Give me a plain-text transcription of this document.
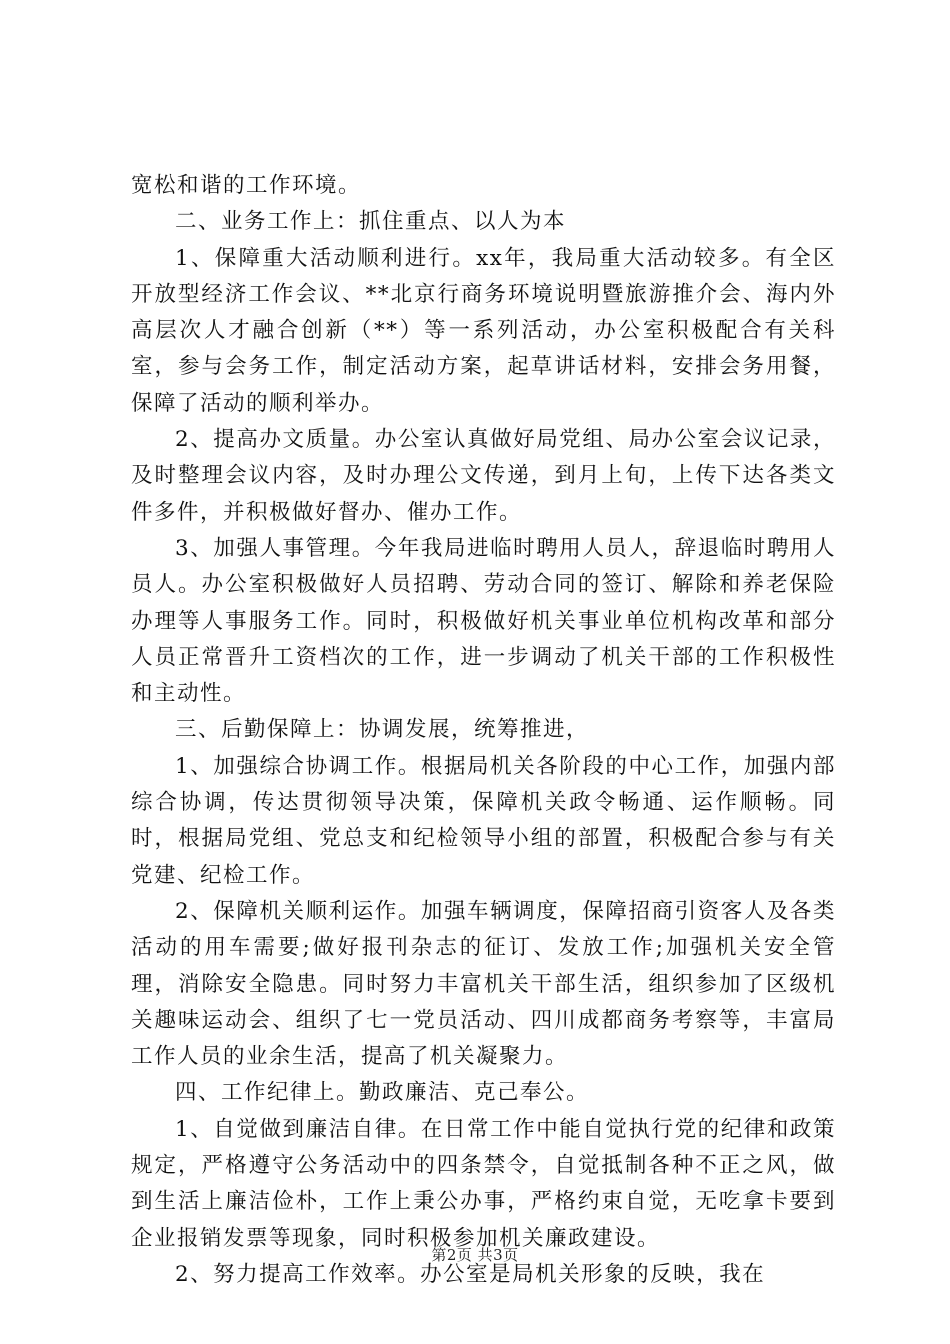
宽松和谐的工作环境。

二、业务工作上：抓住重点、以人为本

1、保障重大活动顺利进行。xx年，我局重大活动较多。有全区开放型经济工作会议、**北京行商务环境说明暨旅游推介会、海内外高层次人才融合创新（**）等一系列活动，办公室积极配合有关科室，参与会务工作，制定活动方案，起草讲话材料，安排会务用餐，保障了活动的顺利举办。

2、提高办文质量。办公室认真做好局党组、局办公室会议记录，及时整理会议内容，及时办理公文传递，到月上旬，上传下达各类文件多件，并积极做好督办、催办工作。

3、加强人事管理。今年我局进临时聘用人员人，辞退临时聘用人员人。办公室积极做好人员招聘、劳动合同的签订、解除和养老保险办理等人事服务工作。同时，积极做好机关事业单位机构改革和部分人员正常晋升工资档次的工作，进一步调动了机关干部的工作积极性和主动性。

三、后勤保障上：协调发展，统筹推进，

1、加强综合协调工作。根据局机关各阶段的中心工作，加强内部综合协调，传达贯彻领导决策，保障机关政令畅通、运作顺畅。同时，根据局党组、党总支和纪检领导小组的部置，积极配合参与有关党建、纪检工作。

2、保障机关顺利运作。加强车辆调度，保障招商引资客人及各类活动的用车需要;做好报刊杂志的征订、发放工作;加强机关安全管理，消除安全隐患。同时努力丰富机关干部生活，组织参加了区级机关趣味运动会、组织了七一党员活动、四川成都商务考察等，丰富局工作人员的业余生活，提高了机关凝聚力。

四、工作纪律上。勤政廉洁、克己奉公。

1、自觉做到廉洁自律。在日常工作中能自觉执行党的纪律和政策规定，严格遵守公务活动中的四条禁令，自觉抵制各种不正之风，做到生活上廉洁俭朴，工作上秉公办事，严格约束自觉，无吃拿卡要到企业报销发票等现象，同时积极参加机关廉政建设。

2、努力提高工作效率。办公室是局机关形象的反映，我在

第2页 共3页
